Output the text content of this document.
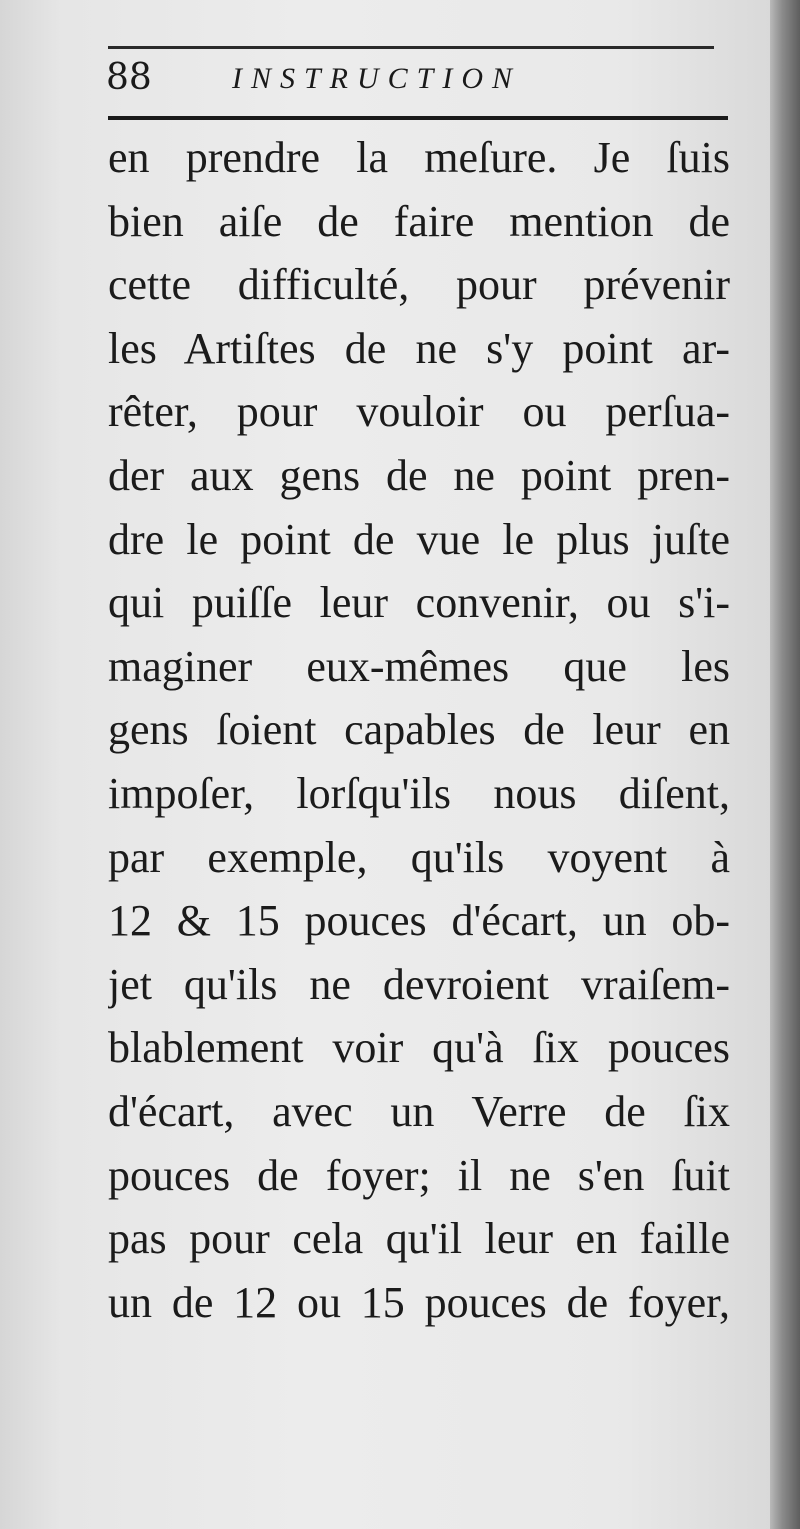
88	INSTRUCTION
en prendre la meſure. Je ſuis
bien aiſe de faire mention de
cette difficulté, pour prévenir
les Artiſtes de ne s'y point ar-
rêter, pour vouloir ou perſua-
der aux gens de ne point pren-
dre le point de vue le plus juſte
qui puiſſe leur convenir, ou s'i-
maginer eux-mêmes que les
gens ſoient capables de leur en
impoſer, lorſqu'ils nous diſent,
par exemple, qu'ils voyent à
12 & 15 pouces d'écart, un ob-
jet qu'ils ne devroient vraiſem-
blablement voir qu'à ſix pouces
d'écart, avec un Verre de ſix
pouces de foyer; il ne s'en ſuit
pas pour cela qu'il leur en faille
un de 12 ou 15 pouces de foyer,
